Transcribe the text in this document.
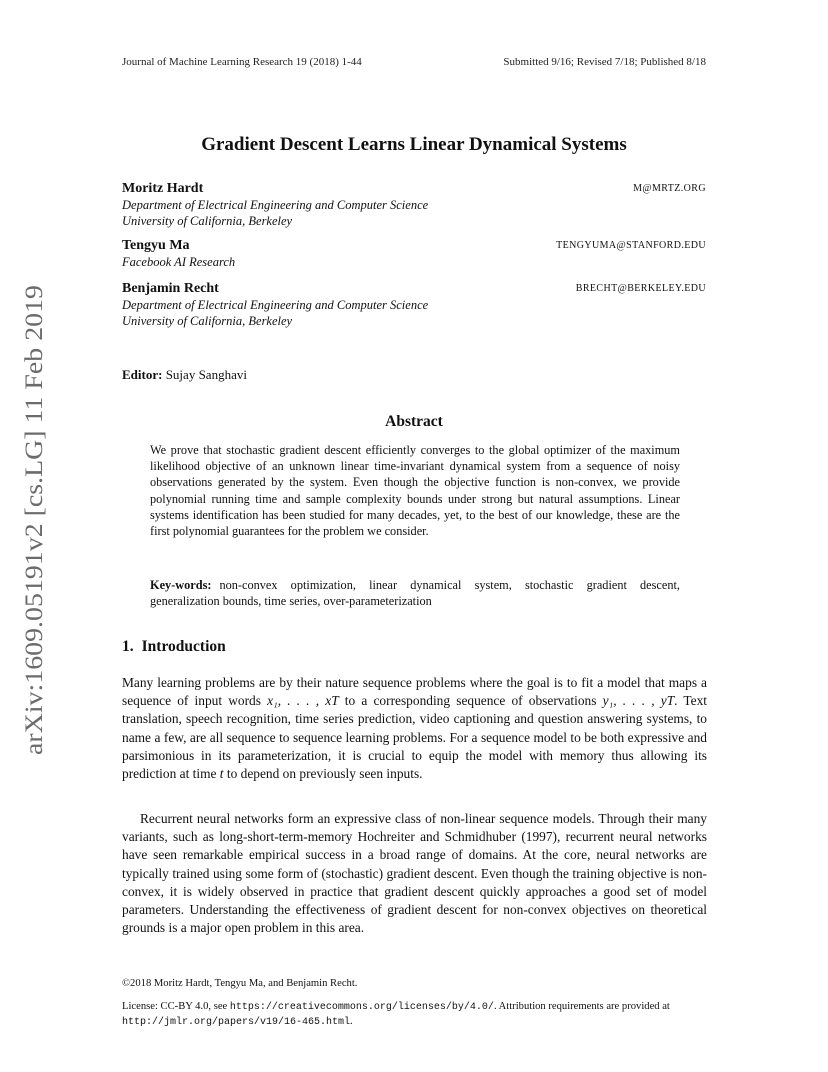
arXiv:1609.05191v2 [cs.LG] 11 Feb 2019
Journal of Machine Learning Research 19 (2018) 1-44	Submitted 9/16; Revised 7/18; Published 8/18
Gradient Descent Learns Linear Dynamical Systems
Moritz Hardt	M@MRTZ.ORG
Department of Electrical Engineering and Computer Science
University of California, Berkeley
Tengyu Ma	TENGYUMA@STANFORD.EDU
Facebook AI Research
Benjamin Recht	BRECHT@BERKELEY.EDU
Department of Electrical Engineering and Computer Science
University of California, Berkeley
Editor: Sujay Sanghavi
Abstract
We prove that stochastic gradient descent efficiently converges to the global optimizer of the maximum likelihood objective of an unknown linear time-invariant dynamical system from a sequence of noisy observations generated by the system. Even though the objective function is non-convex, we provide polynomial running time and sample complexity bounds under strong but natural assumptions. Linear systems identification has been studied for many decades, yet, to the best of our knowledge, these are the first polynomial guarantees for the problem we consider.
Key-words: non-convex optimization, linear dynamical system, stochastic gradient descent, generalization bounds, time series, over-parameterization
1. Introduction

Many learning problems are by their nature sequence problems where the goal is to fit a model that maps a sequence of input words x₁, . . . , xT to a corresponding sequence of observations y₁, . . . , yT. Text translation, speech recognition, time series prediction, video captioning and question answering systems, to name a few, are all sequence to sequence learning problems. For a sequence model to be both expressive and parsimonious in its parameterization, it is crucial to equip the model with memory thus allowing its prediction at time t to depend on previously seen inputs.

Recurrent neural networks form an expressive class of non-linear sequence models. Through their many variants, such as long-short-term-memory Hochreiter and Schmidhuber (1997), recurrent neural networks have seen remarkable empirical success in a broad range of domains. At the core, neural networks are typically trained using some form of (stochastic) gradient descent. Even though the training objective is non-convex, it is widely observed in practice that gradient descent quickly approaches a good set of model parameters. Understanding the effectiveness of gradient descent for non-convex objectives on theoretical grounds is a major open problem in this area.

©2018 Moritz Hardt, Tengyu Ma, and Benjamin Recht.
License: CC-BY 4.0, see https://creativecommons.org/licenses/by/4.0/. Attribution requirements are provided at http://jmlr.org/papers/v19/16-465.html.
